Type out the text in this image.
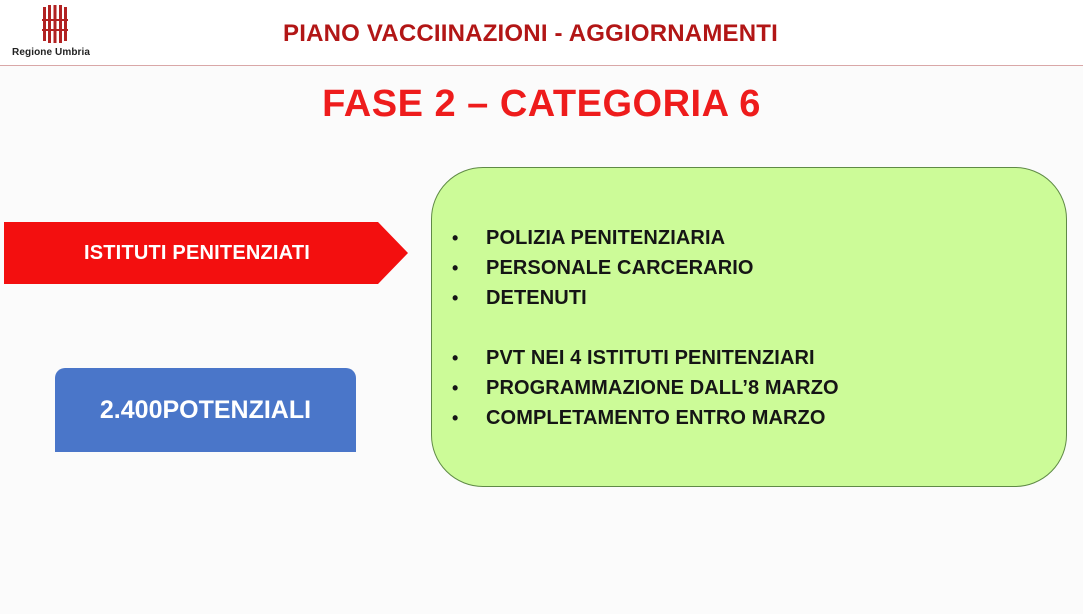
Regione Umbria
PIANO VACCIINAZIONI - AGGIORNAMENTI
FASE 2 – CATEGORIA 6
ISTITUTI PENITENZIATI
2.400 POTENZIALI
•	POLIZIA PENITENZIARIA
•	PERSONALE CARCERARIO
•	DETENUTI
•	PVT NEI 4 ISTITUTI PENITENZIARI
•	PROGRAMMAZIONE DALL’8 MARZO
•	COMPLETAMENTO ENTRO MARZO
